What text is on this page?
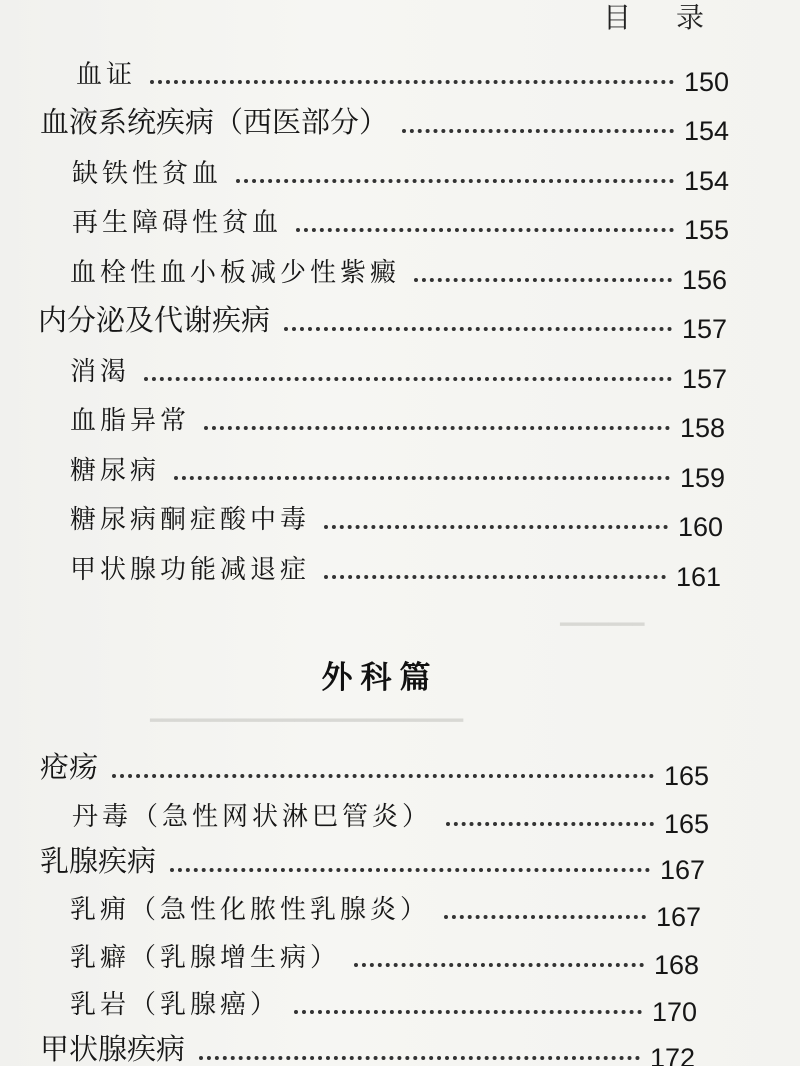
目 录
血证	150
血液系统疾病（西医部分）	154
缺铁性贫血	154
再生障碍性贫血	155
血栓性血小板减少性紫癜	156
内分泌及代谢疾病	157
消渴	157
血脂异常	158
糖尿病	159
糖尿病酮症酸中毒	160
甲状腺功能减退症	161
━━━━━━━
━━━━━━━━━━━━━━━━━━━━━━━━━━
外科篇
疮疡	165
丹毒（急性网状淋巴管炎）	165
乳腺疾病	167
乳痈（急性化脓性乳腺炎）	167
乳癖（乳腺增生病）	168
乳岩（乳腺癌）	170
甲状腺疾病	172
